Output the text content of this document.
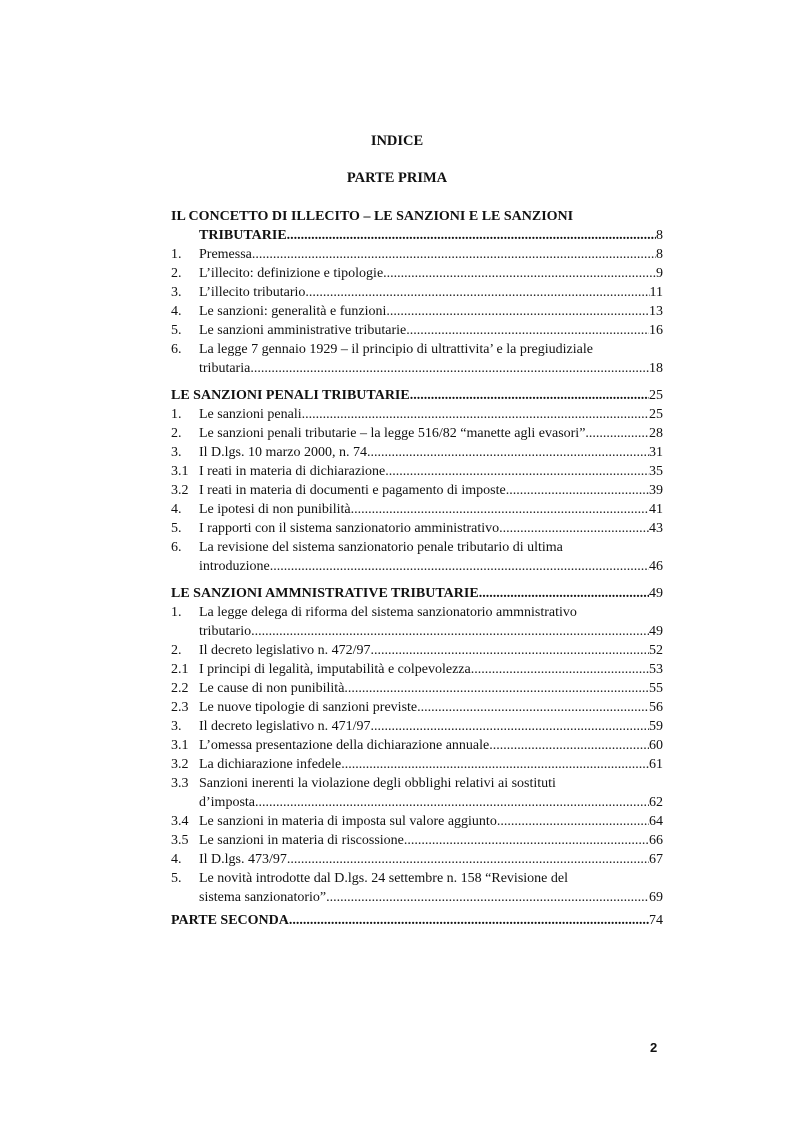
INDICE
PARTE PRIMA
IL CONCETTO DI ILLECITO – LE SANZIONI E LE SANZIONI
TRIBUTARIE .....	8
1. Premessa .....	8
2. L’illecito: definizione e tipologie .....	9
3. L’illecito tributario .....	11
4. Le sanzioni: generalità e funzioni .....	13
5. Le sanzioni amministrative tributarie .....	16
6. La legge 7 gennaio 1929 – il principio di ultrattivita’ e la pregiudiziale
tributaria .....	18
LE SANZIONI PENALI TRIBUTARIE .....	25
1. Le sanzioni penali .....	25
2. Le sanzioni penali tributarie – la legge 516/82 “manette agli evasori” .....	28
3. Il D.lgs. 10 marzo 2000, n. 74 .....	31
3.1 I reati in materia di dichiarazione .....	35
3.2 I reati in materia di documenti e pagamento di imposte .....	39
4. Le ipotesi di non punibilità .....	41
5. I rapporti con il sistema sanzionatorio amministrativo .....	43
6. La revisione del sistema sanzionatorio penale tributario di ultima
introduzione .....	46
LE SANZIONI AMMNISTRATIVE TRIBUTARIE .....	49
1. La legge delega di riforma del sistema sanzionatorio ammnistrativo
tributario .....	49
2. Il decreto legislativo n. 472/97 .....	52
2.1 I principi di legalità, imputabilità e colpevolezza .....	53
2.2 Le cause di non punibilità .....	55
2.3 Le nuove tipologie di sanzioni previste .....	56
3. Il decreto legislativo n. 471/97 .....	59
3.1 L’omessa presentazione della dichiarazione annuale .....	60
3.2 La dichiarazione infedele .....	61
3.3 Sanzioni inerenti la violazione degli obblighi relativi ai sostituti
d’imposta .....	62
3.4 Le sanzioni in materia di imposta sul valore aggiunto .....	64
3.5 Le sanzioni in materia di riscossione .....	66
4. Il D.lgs. 473/97 .....	67
5. Le novità introdotte dal D.lgs. 24 settembre n. 158 “Revisione del
sistema sanzionatorio” .....	69
PARTE SECONDA .....	74
2
